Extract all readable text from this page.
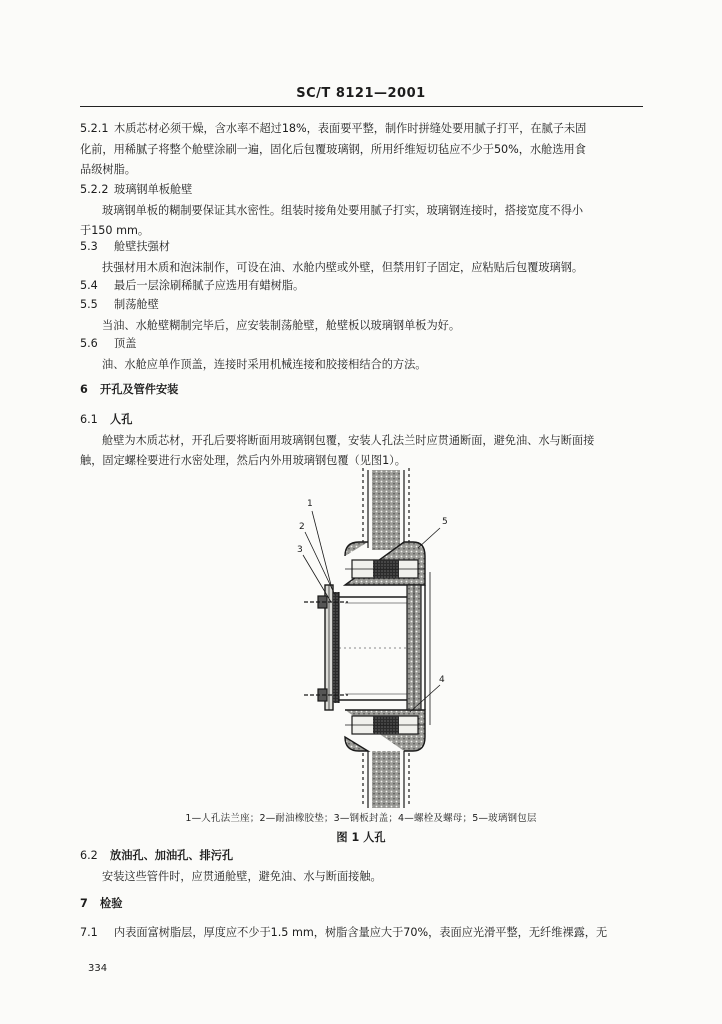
SC/T 8121—2001
5.2.1 木质芯材必须干燥，含水率不超过18%，表面要平整，制作时拼缝处要用腻子打平，在腻子未固
化前，用稀腻子将整个舱壁涂刷一遍，固化后包覆玻璃钢，所用纤维短切毡应不少于50%，水舱选用食
品级树脂。
5.2.2 玻璃钢单板舱壁
玻璃钢单板的糊制要保证其水密性。组装时接角处要用腻子打实，玻璃钢连接时，搭接宽度不得小
于150 mm。
5.3 舱壁扶强材
扶强材用木质和泡沫制作，可设在油、水舱内壁或外壁，但禁用钉子固定，应粘贴后包覆玻璃钢。
5.4 最后一层涂刷稀腻子应选用有蜡树脂。
5.5 制荡舱壁
当油、水舱壁糊制完毕后，应安装制荡舱壁，舱壁板以玻璃钢单板为好。
5.6 顶盖
油、水舱应单作顶盖，连接时采用机械连接和胶接相结合的方法。
6 开孔及管件安装
6.1 人孔
舱壁为木质芯材，开孔后要将断面用玻璃钢包覆，安装人孔法兰时应贯通断面，避免油、水与断面接
触，固定螺栓要进行水密处理，然后内外用玻璃钢包覆（见图1）。
1
2
3
5
4
1—人孔法兰座；2—耐油橡胶垫；3—钢板封盖；4—螺栓及螺母；5—玻璃钢包层
图 1 人孔
6.2 放油孔、加油孔、排污孔
安装这些管件时，应贯通舱壁，避免油、水与断面接触。
7 检验
7.1 内表面富树脂层，厚度应不少于1.5 mm，树脂含量应大于70%，表面应光滑平整，无纤维裸露，无
334
